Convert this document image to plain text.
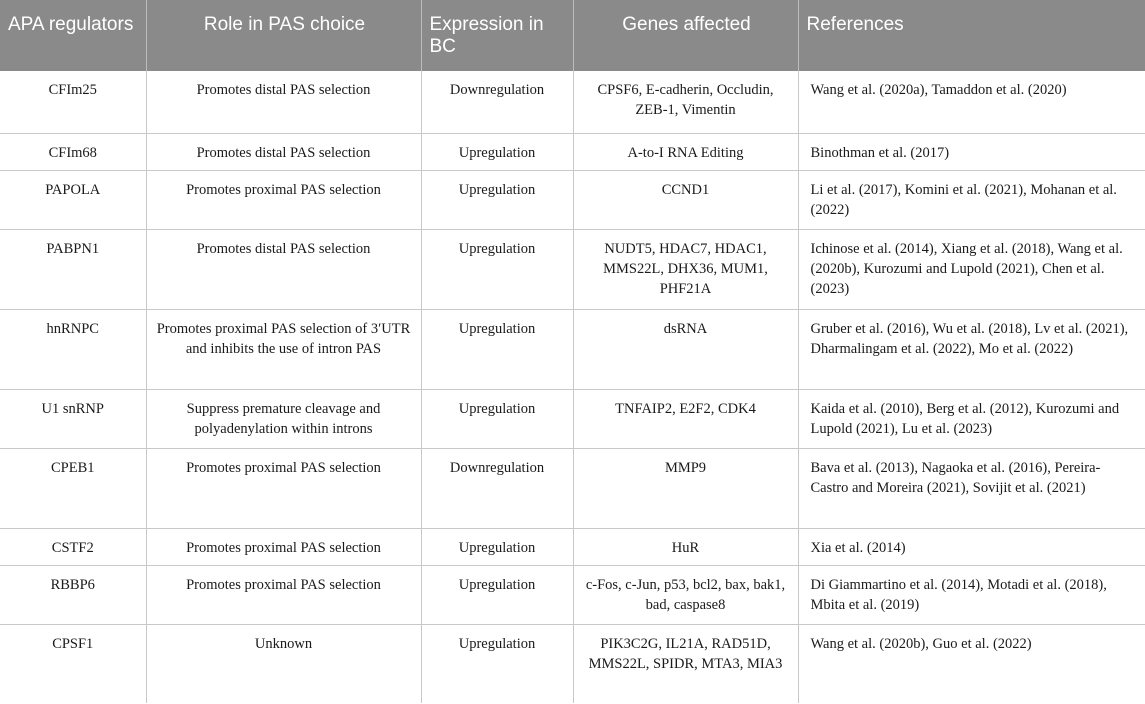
APA regulators	Role in PAS choice	Expression in BC	Genes affected	References
CFIm25	Promotes distal PAS selection	Downregulation	CPSF6, E-cadherin, Occludin, ZEB-1, Vimentin	Wang et al. (2020a), Tamaddon et al. (2020)
CFIm68	Promotes distal PAS selection	Upregulation	A-to-I RNA Editing	Binothman et al. (2017)
PAPOLA	Promotes proximal PAS selection	Upregulation	CCND1	Li et al. (2017), Komini et al. (2021), Mohanan et al. (2022)
PABPN1	Promotes distal PAS selection	Upregulation	NUDT5, HDAC7, HDAC1, MMS22L, DHX36, MUM1, PHF21A	Ichinose et al. (2014), Xiang et al. (2018), Wang et al. (2020b), Kurozumi and Lupold (2021), Chen et al. (2023)
hnRNPC	Promotes proximal PAS selection of 3′UTR and inhibits the use of intron PAS	Upregulation	dsRNA	Gruber et al. (2016), Wu et al. (2018), Lv et al. (2021), Dharmalingam et al. (2022), Mo et al. (2022)
U1 snRNP	Suppress premature cleavage and polyadenylation within introns	Upregulation	TNFAIP2, E2F2, CDK4	Kaida et al. (2010), Berg et al. (2012), Kurozumi and Lupold (2021), Lu et al. (2023)
CPEB1	Promotes proximal PAS selection	Downregulation	MMP9	Bava et al. (2013), Nagaoka et al. (2016), Pereira-Castro and Moreira (2021), Sovijit et al. (2021)
CSTF2	Promotes proximal PAS selection	Upregulation	HuR	Xia et al. (2014)
RBBP6	Promotes proximal PAS selection	Upregulation	c-Fos, c-Jun, p53, bcl2, bax, bak1, bad, caspase8	Di Giammartino et al. (2014), Motadi et al. (2018), Mbita et al. (2019)
CPSF1	Unknown	Upregulation	PIK3C2G, IL21A, RAD51D, MMS22L, SPIDR, MTA3, MIA3	Wang et al. (2020b), Guo et al. (2022)
